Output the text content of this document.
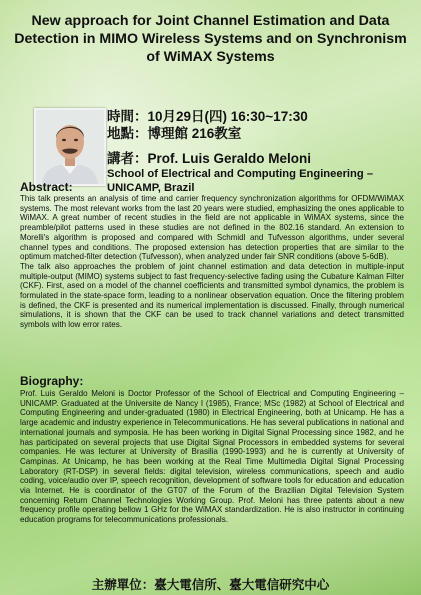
New approach for Joint Channel Estimation and Data Detection in MIMO Wireless Systems and on Synchronism of WiMAX Systems
時間：10月29日(四) 16:30~17:30
地點：博理館 216教室
講者：Prof. Luis Geraldo Meloni
School of Electrical and Computing Engineering – UNICAMP, Brazil
Abstract:

This talk presents an analysis of time and carrier frequency synchronization algorithms for OFDM/WiMAX systems. The most relevant works from the last 20 years were studied, emphasizing the ones applicable to WiMAX. A great number of recent studies in the field are not applicable in WiMAX systems, since the preamble/pilot patterns used in these studies are not defined in the 802.16 standard. An extension to Morelli's algorithm is proposed and compared with Schmidl and Tufvesson algorithms, under several channel types and conditions. The proposed extension has detection properties that are similar to the optimum matched-filter detection (Tufvesson), when analyzed under fair SNR conditions (above 5-6dB).

The talk also approaches the problem of joint channel estimation and data detection in multiple-input multiple-output (MIMO) systems subject to fast frequency-selective fading using the Cubature Kalman Filter (CKF). First, ased on a model of the channel coefficients and transmitted symbol dynamics, the problem is formulated in the state-space form, leading to a nonlinear observation equation. Once the filtering problem is defined, the CKF is presented and its numerical implementation is discussed. Finally, through numerical simulations, it is shown that the CKF can be used to track channel variations and detect transmitted symbols with low error rates.

Biography:

Prof. Luis Geraldo Meloni is Doctor Professor of the School of Electrical and Computing Engineering – UNICAMP. Graduated at the Universite de Nancy I (1985), France; MSc (1982) at School of Electrical and Computing Engineering and under-graduated (1980) in Electrical Engineering, both at Unicamp. He has a large academic and industry experience in Telecommunications. He has several publications in national and international journals and symposia. He has been working in Digital Signal Processing since 1982, and he has participated on several projects that use Digital Signal Processors in embedded systems for several companies. He was lecturer at University of Brasilia (1990-1993) and he is currently at University of Campinas. At Unicamp, he has been working at the Real Time Multimedia Digital Signal Processing Laboratory (RT-DSP) in several fields: digital television, wireless communications, speech and audio coding, voice/audio over IP, speech recognition, development of software tools for education and education via Internet. He is coordinator of the GT07 of the Forum of the Brazilian Digital Television System concerning Return Channel Technologies Working Group. Prof. Meloni has three patents about a new frequency profile operating bellow 1 GHz for the WiMAX standardization. He is also instructor in continuing education programs for telecommunications professionals.

主辦單位：臺大電信所、臺大電信研究中心
